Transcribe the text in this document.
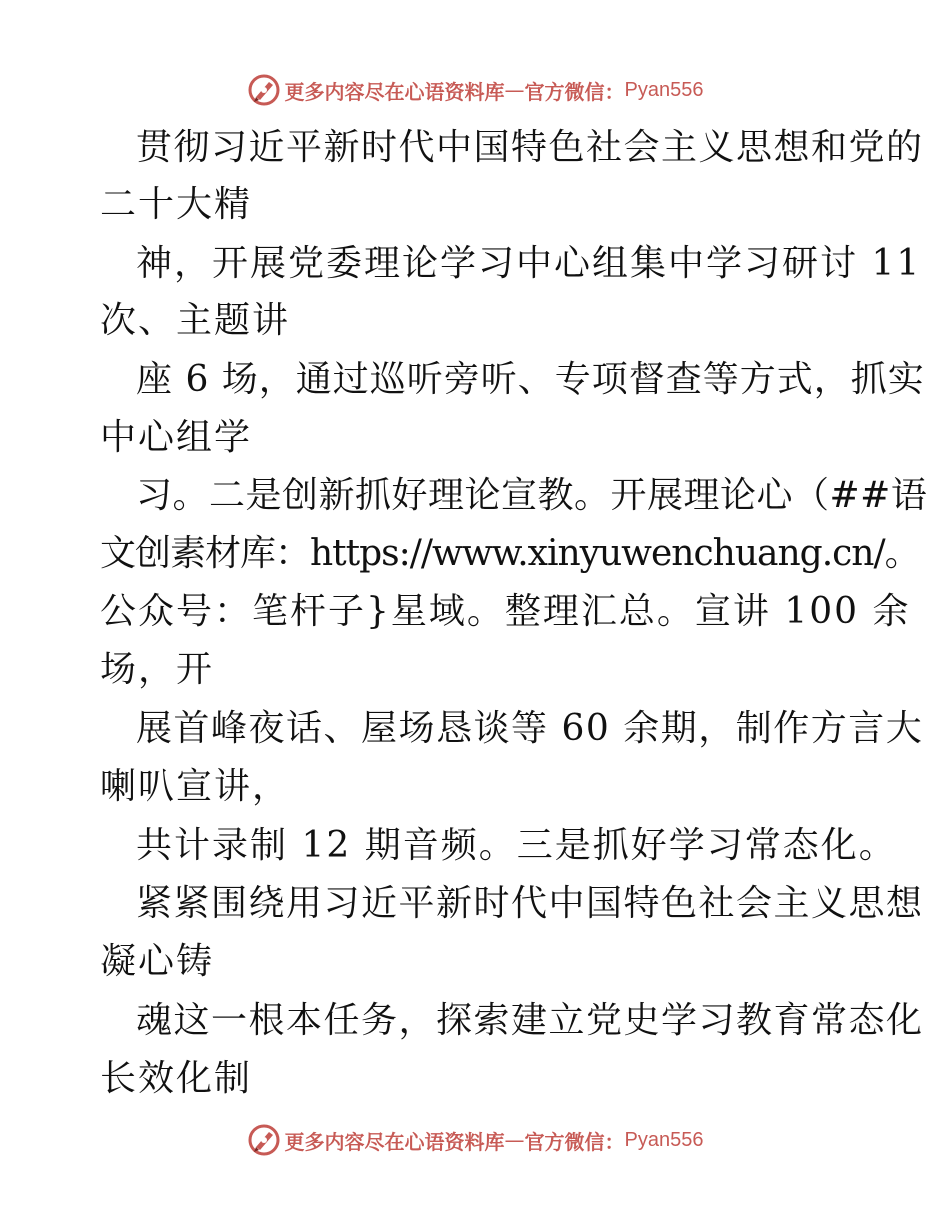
更多内容尽在心语资料库 — 官方微信： Pyan556
贯彻习近平新时代中国特色社会主义思想和党的
二十大精
神，开展党委理论学习中心组集中学习研讨 11
次、主题讲
座 6 场，通过巡听旁听、专项督查等方式，抓实
中心组学
习。二是创新抓好理论宣教。开展理论心（##语
文创素材库：https://www.xinyuwenchuang.cn/。
公众号：笔杆子}星域。整理汇总。宣讲 100 余
场，开
展首峰夜话、屋场恳谈等 60 余期，制作方言大
喇叭宣讲，
共计录制 12 期音频。三是抓好学习常态化。
紧紧围绕用习近平新时代中国特色社会主义思想
凝心铸
魂这一根本任务，探索建立党史学习教育常态化
长效化制
更多内容尽在心语资料库 — 官方微信： Pyan556
